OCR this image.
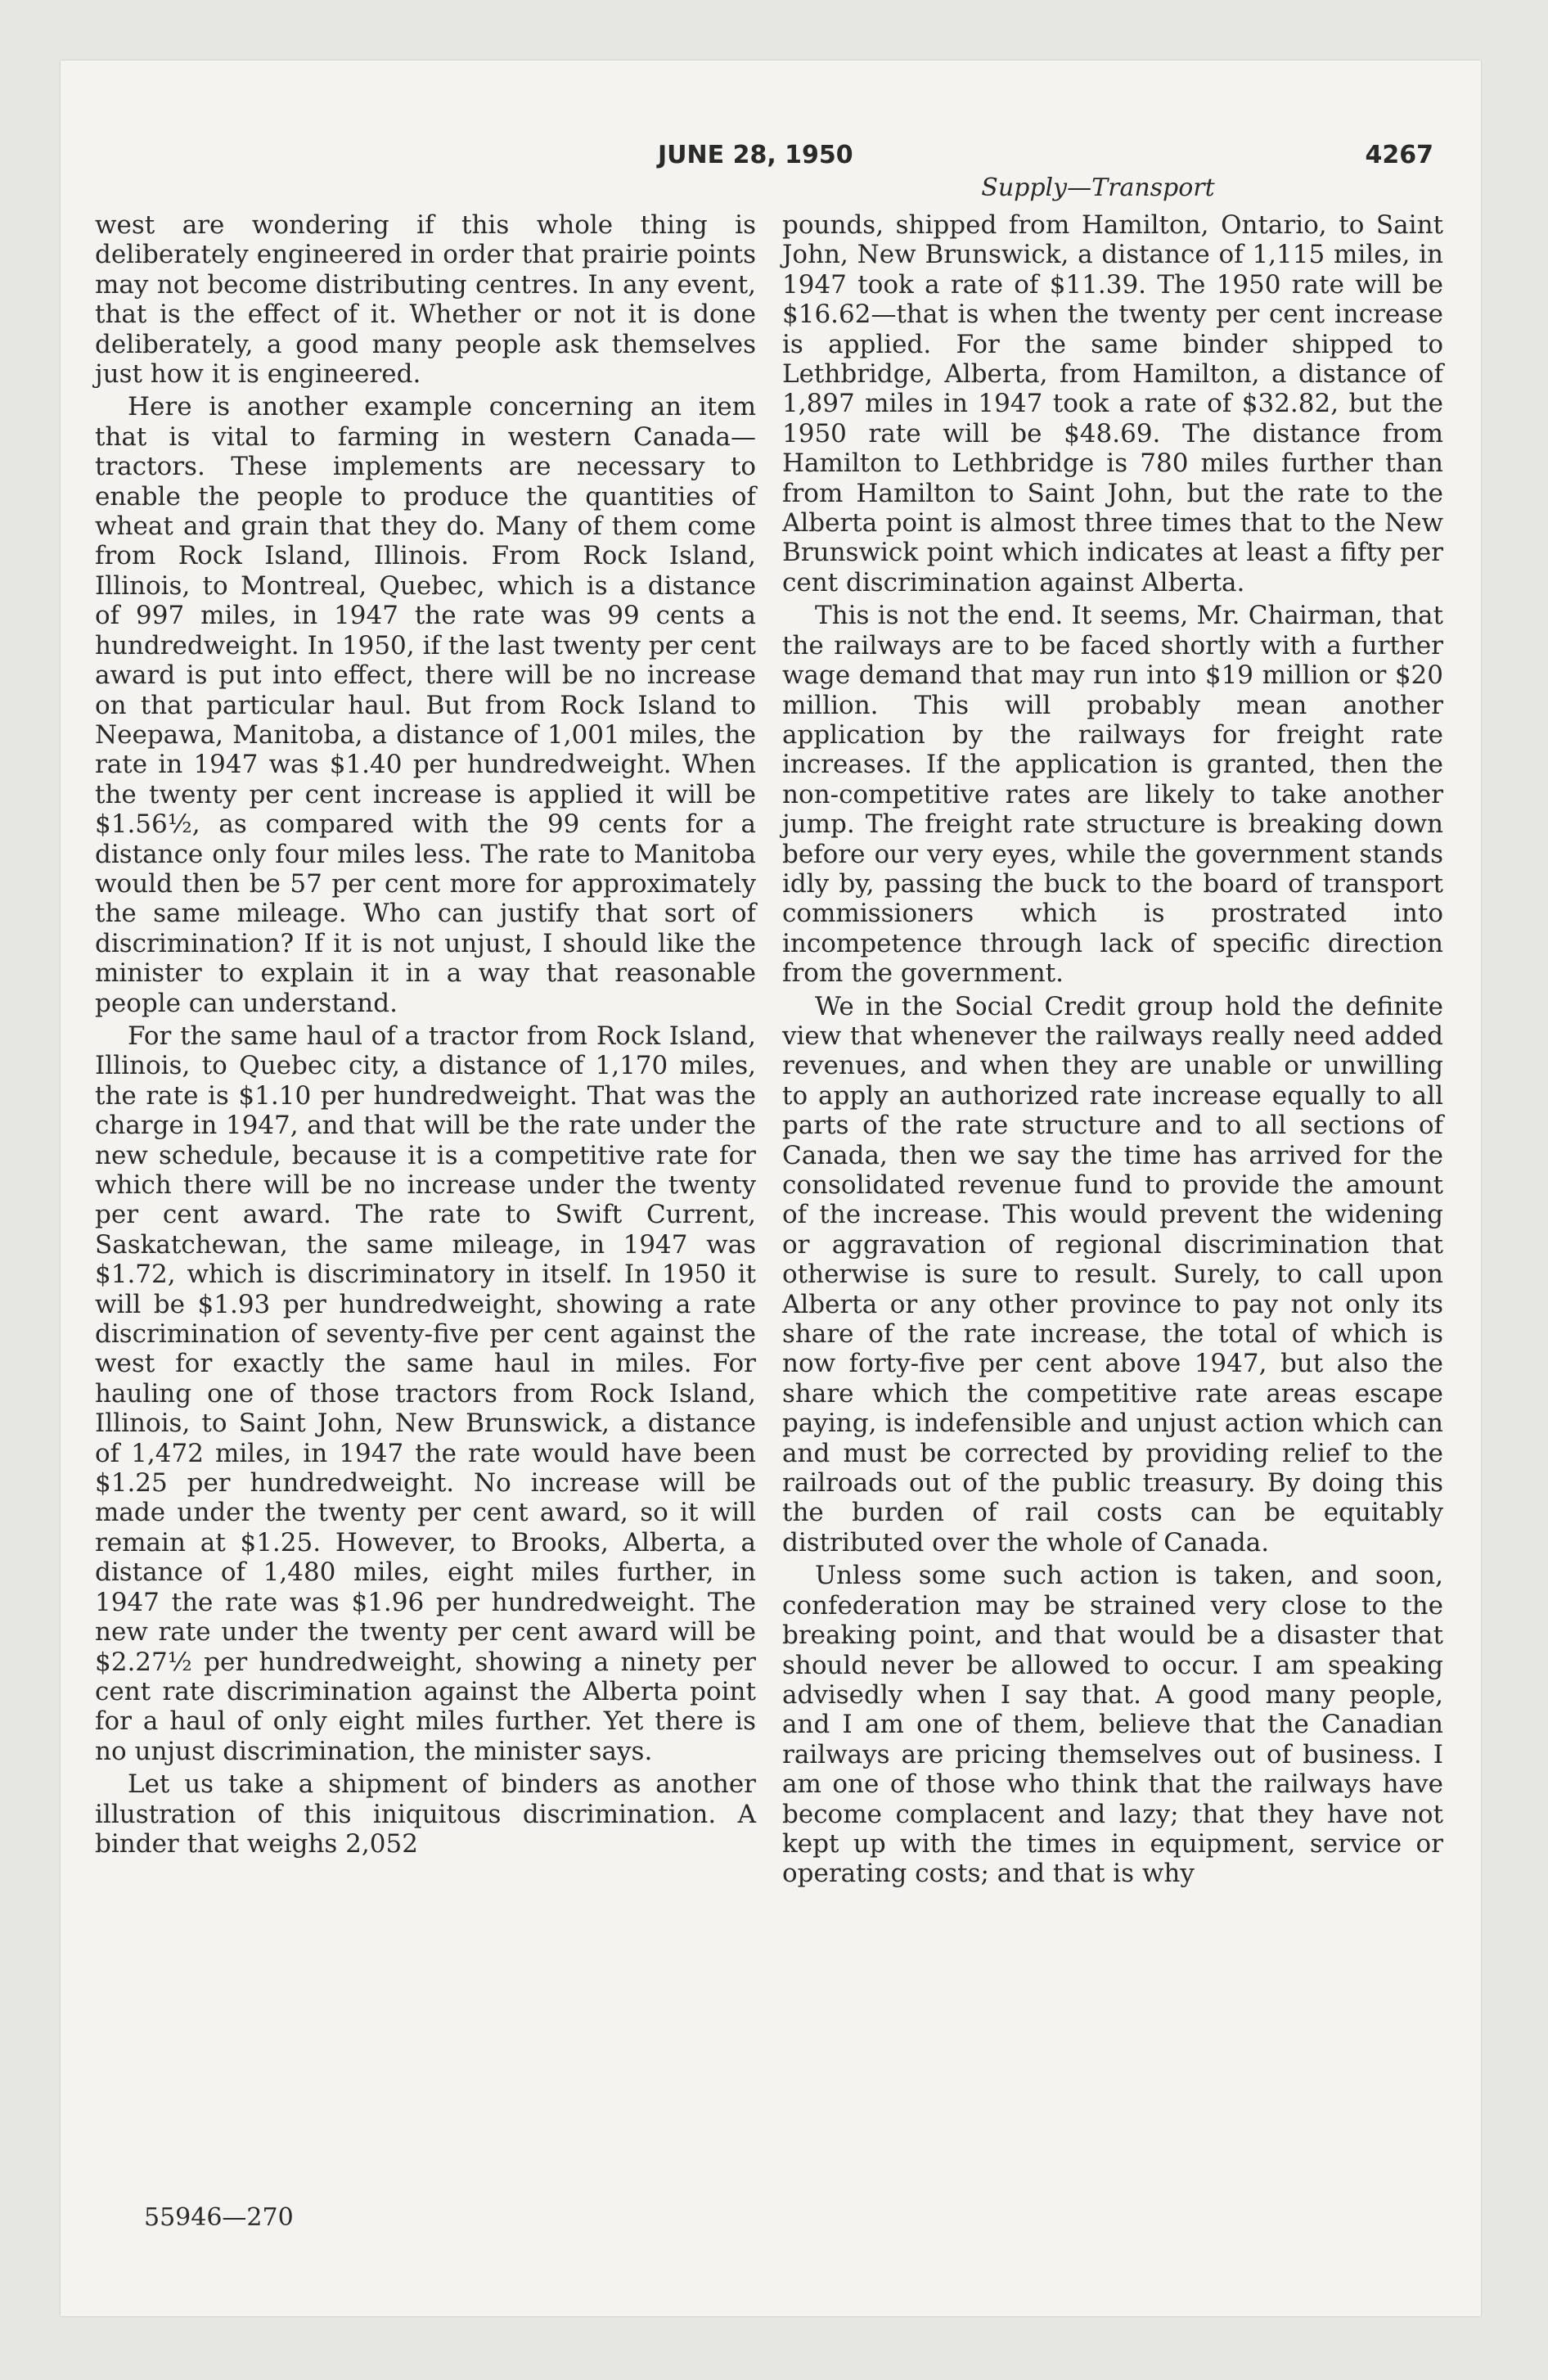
JUNE 28, 1950	4267
Supply—Transport

west are wondering if this whole thing is deliberately engineered in order that prairie points may not become distributing centres. In any event, that is the effect of it. Whether or not it is done deliberately, a good many people ask themselves just how it is engineered.

Here is another example concerning an item that is vital to farming in western Canada—tractors. These implements are necessary to enable the people to produce the quantities of wheat and grain that they do. Many of them come from Rock Island, Illinois. From Rock Island, Illinois, to Montreal, Quebec, which is a distance of 997 miles, in 1947 the rate was 99 cents a hundredweight. In 1950, if the last twenty per cent award is put into effect, there will be no increase on that particular haul. But from Rock Island to Neepawa, Manitoba, a distance of 1,001 miles, the rate in 1947 was $1.40 per hundredweight. When the twenty per cent increase is applied it will be $1.56½, as compared with the 99 cents for a distance only four miles less. The rate to Manitoba would then be 57 per cent more for approximately the same mileage. Who can justify that sort of discrimination? If it is not unjust, I should like the minister to explain it in a way that reasonable people can understand.

For the same haul of a tractor from Rock Island, Illinois, to Quebec city, a distance of 1,170 miles, the rate is $1.10 per hundredweight. That was the charge in 1947, and that will be the rate under the new schedule, because it is a competitive rate for which there will be no increase under the twenty per cent award. The rate to Swift Current, Saskatchewan, the same mileage, in 1947 was $1.72, which is discriminatory in itself. In 1950 it will be $1.93 per hundredweight, showing a rate discrimination of seventy-five per cent against the west for exactly the same haul in miles. For hauling one of those tractors from Rock Island, Illinois, to Saint John, New Brunswick, a distance of 1,472 miles, in 1947 the rate would have been $1.25 per hundredweight. No increase will be made under the twenty per cent award, so it will remain at $1.25. However, to Brooks, Alberta, a distance of 1,480 miles, eight miles further, in 1947 the rate was $1.96 per hundredweight. The new rate under the twenty per cent award will be $2.27½ per hundredweight, showing a ninety per cent rate discrimination against the Alberta point for a haul of only eight miles further. Yet there is no unjust discrimination, the minister says.

Let us take a shipment of binders as another illustration of this iniquitous discrimination. A binder that weighs 2,052

pounds, shipped from Hamilton, Ontario, to Saint John, New Brunswick, a distance of 1,115 miles, in 1947 took a rate of $11.39. The 1950 rate will be $16.62—that is when the twenty per cent increase is applied. For the same binder shipped to Lethbridge, Alberta, from Hamilton, a distance of 1,897 miles in 1947 took a rate of $32.82, but the 1950 rate will be $48.69. The distance from Hamilton to Lethbridge is 780 miles further than from Hamilton to Saint John, but the rate to the Alberta point is almost three times that to the New Brunswick point which indicates at least a fifty per cent discrimination against Alberta.

This is not the end. It seems, Mr. Chairman, that the railways are to be faced shortly with a further wage demand that may run into $19 million or $20 million. This will probably mean another application by the railways for freight rate increases. If the application is granted, then the non-competitive rates are likely to take another jump. The freight rate structure is breaking down before our very eyes, while the government stands idly by, passing the buck to the board of transport commissioners which is prostrated into incompetence through lack of specific direction from the government.

We in the Social Credit group hold the definite view that whenever the railways really need added revenues, and when they are unable or unwilling to apply an authorized rate increase equally to all parts of the rate structure and to all sections of Canada, then we say the time has arrived for the consolidated revenue fund to provide the amount of the increase. This would prevent the widening or aggravation of regional discrimination that otherwise is sure to result. Surely, to call upon Alberta or any other province to pay not only its share of the rate increase, the total of which is now forty-five per cent above 1947, but also the share which the competitive rate areas escape paying, is indefensible and unjust action which can and must be corrected by providing relief to the railroads out of the public treasury. By doing this the burden of rail costs can be equitably distributed over the whole of Canada.

Unless some such action is taken, and soon, confederation may be strained very close to the breaking point, and that would be a disaster that should never be allowed to occur. I am speaking advisedly when I say that. A good many people, and I am one of them, believe that the Canadian railways are pricing themselves out of business. I am one of those who think that the railways have become complacent and lazy; that they have not kept up with the times in equipment, service or operating costs; and that is why

55946—270
